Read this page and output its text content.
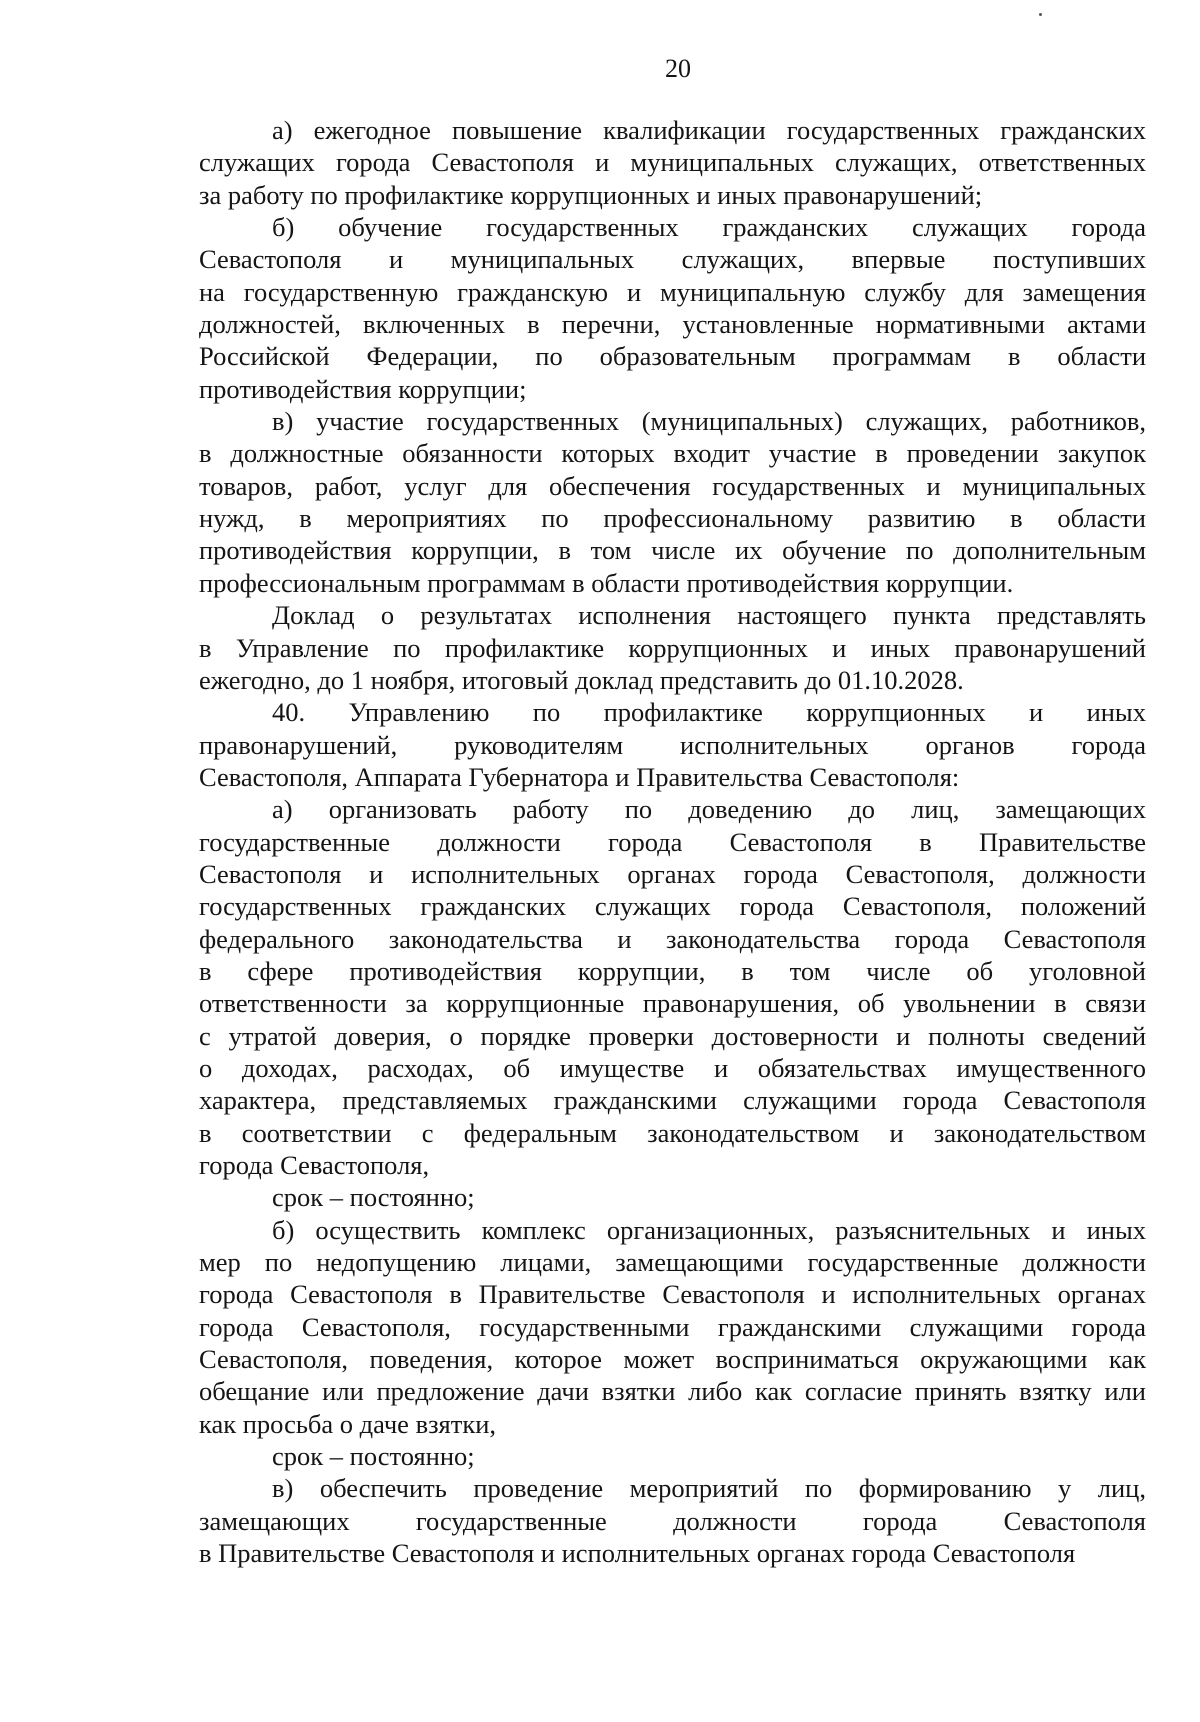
20
а) ежегодное повышение квалификации государственных гражданских
служащих города Севастополя и муниципальных служащих, ответственных
за работу по профилактике коррупционных и иных правонарушений;
б) обучение государственных гражданских служащих города
Севастополя и муниципальных служащих, впервые поступивших
на государственную гражданскую и муниципальную службу для замещения
должностей, включенных в перечни, установленные нормативными актами
Российской Федерации, по образовательным программам в области
противодействия коррупции;
в) участие государственных (муниципальных) служащих, работников,
в должностные обязанности которых входит участие в проведении закупок
товаров, работ, услуг для обеспечения государственных и муниципальных
нужд, в мероприятиях по профессиональному развитию в области
противодействия коррупции, в том числе их обучение по дополнительным
профессиональным программам в области противодействия коррупции.
Доклад о результатах исполнения настоящего пункта представлять
в Управление по профилактике коррупционных и иных правонарушений
ежегодно, до 1 ноября, итоговый доклад представить до 01.10.2028.
40. Управлению по профилактике коррупционных и иных
правонарушений, руководителям исполнительных органов города
Севастополя, Аппарата Губернатора и Правительства Севастополя:
а) организовать работу по доведению до лиц, замещающих
государственные должности города Севастополя в Правительстве
Севастополя и исполнительных органах города Севастополя, должности
государственных гражданских служащих города Севастополя, положений
федерального законодательства и законодательства города Севастополя
в сфере противодействия коррупции, в том числе об уголовной
ответственности за коррупционные правонарушения, об увольнении в связи
с утратой доверия, о порядке проверки достоверности и полноты сведений
о доходах, расходах, об имуществе и обязательствах имущественного
характера, представляемых гражданскими служащими города Севастополя
в соответствии с федеральным законодательством и законодательством
города Севастополя,
срок – постоянно;
б) осуществить комплекс организационных, разъяснительных и иных
мер по недопущению лицами, замещающими государственные должности
города Севастополя в Правительстве Севастополя и исполнительных органах
города Севастополя, государственными гражданскими служащими города
Севастополя, поведения, которое может восприниматься окружающими как
обещание или предложение дачи взятки либо как согласие принять взятку или
как просьба о даче взятки,
срок – постоянно;
в) обеспечить проведение мероприятий по формированию у лиц,
замещающих государственные должности города Севастополя
в Правительстве Севастополя и исполнительных органах города Севастополя
